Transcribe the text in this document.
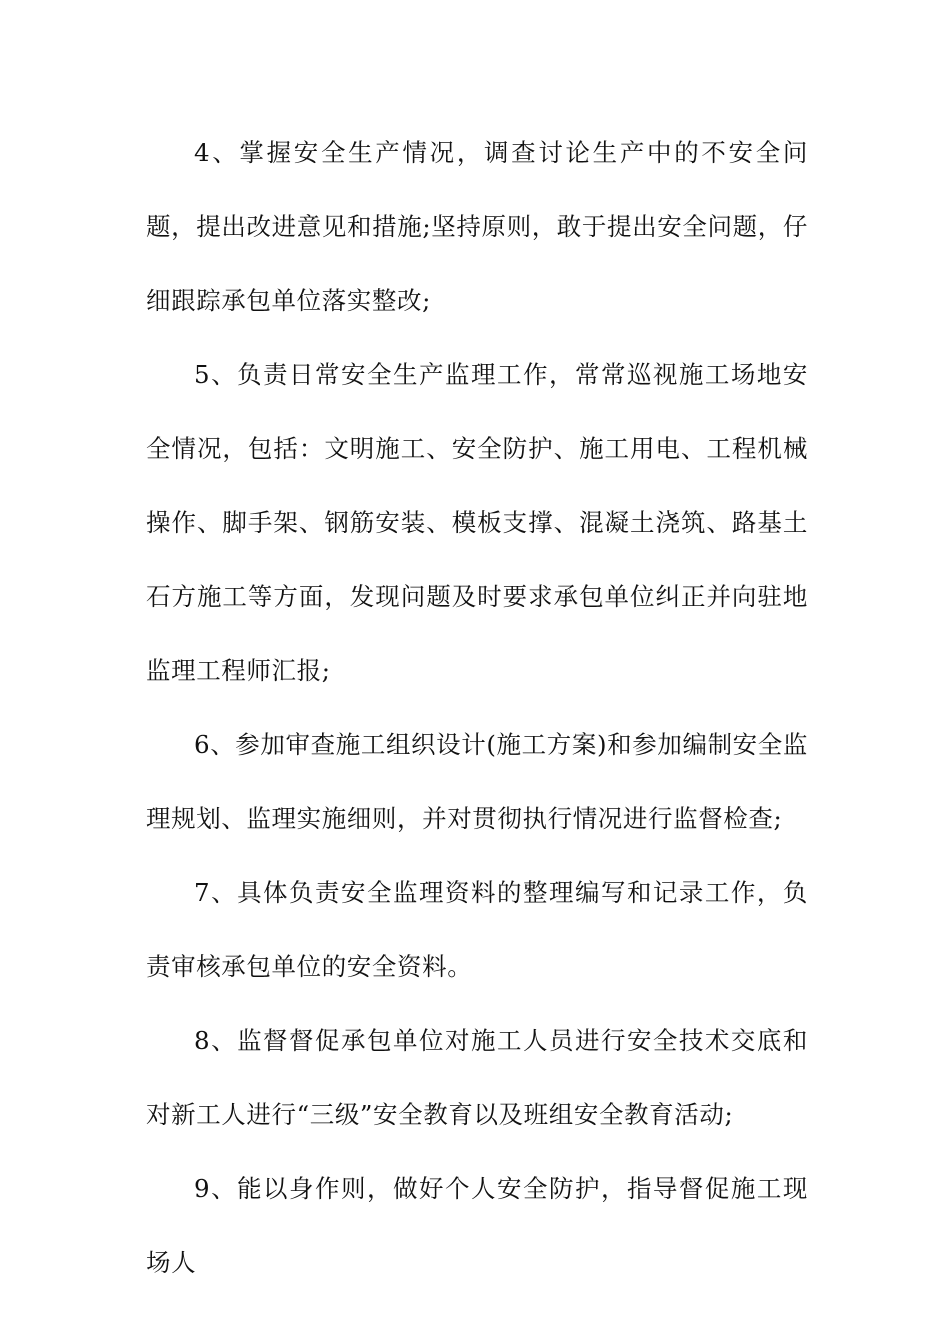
4、掌握安全生产情况，调查讨论生产中的不安全问题，提出改进意见和措施;坚持原则，敢于提出安全问题，仔细跟踪承包单位落实整改;

5、负责日常安全生产监理工作，常常巡视施工场地安全情况，包括：文明施工、安全防护、施工用电、工程机械操作、脚手架、钢筋安装、模板支撑、混凝土浇筑、路基土石方施工等方面，发现问题及时要求承包单位纠正并向驻地监理工程师汇报;

6、参加审查施工组织设计(施工方案)和参加编制安全监理规划、监理实施细则，并对贯彻执行情况进行监督检查;

7、具体负责安全监理资料的整理编写和记录工作，负责审核承包单位的安全资料。

8、监督督促承包单位对施工人员进行安全技术交底和对新工人进行“三级”安全教育以及班组安全教育活动;

9、能以身作则，做好个人安全防护，指导督促施工现场人
